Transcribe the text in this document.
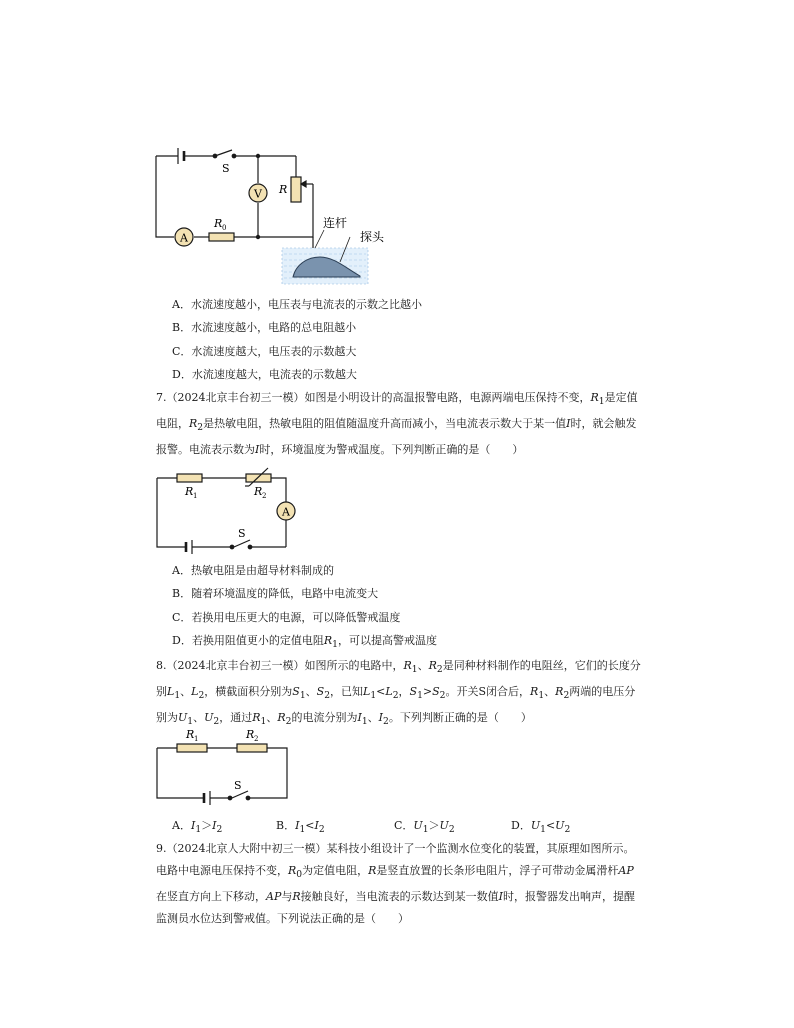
V
A
S
R
R 0	连杆
探头
A．水流速度越小，电压表与电流表的示数之比越小
B．水流速度越小，电路的总电阻越小
C．水流速度越大，电压表的示数越大
D．水流速度越大，电流表的示数越大
7.（2024北京丰台初三一模）如图是小明设计的高温报警电路，电源两端电压保持不变，$R_1$是定值电阻，$R_2$是热敏电阻，热敏电阻的阻值随温度升高而减小，当电流表示数大于某一值I时，就会触发报警。电流表示数为I时，环境温度为警戒温度。下列判断正确的是（　　）
A
R 1	R 2
S
A．热敏电阻是由超导材料制成的
B．随着环境温度的降低，电路中电流变大
C．若换用电压更大的电源，可以降低警戒温度
D．若换用阻值更小的定值电阻$R_1$，可以提高警戒温度
8.（2024北京丰台初三一模）如图所示的电路中，$R_1$、$R_2$是同种材料制作的电阻丝，它们的长度分别$L_1$、$L_2$，横截面积分别为$S_1$、$S_2$，已知$L_1<L_2$，$S_1>S_2$。开关S闭合后，$R_1$、$R_2$两端的电压分别为$U_1$、$U_2$，通过$R_1$、$R_2$的电流分别为$I_1$、$I_2$。下列判断正确的是（　　）
R 1	R 2
S
A．$I_1>I_2$	B．$I_1<I_2$	C．$U_1>U_2$	D．$U_1<U_2$
9.（2024北京人大附中初三一模）某科技小组设计了一个监测水位变化的装置，其原理如图所示。电路中电源电压保持不变，$R_0$为定值电阻，R是竖直放置的长条形电阻片，浮子可带动金属滑杆AP在竖直方向上下移动，AP与R接触良好，当电流表的示数达到某一数值I时，报警器发出响声，提醒监测员水位达到警戒值。下列说法正确的是（　　）
